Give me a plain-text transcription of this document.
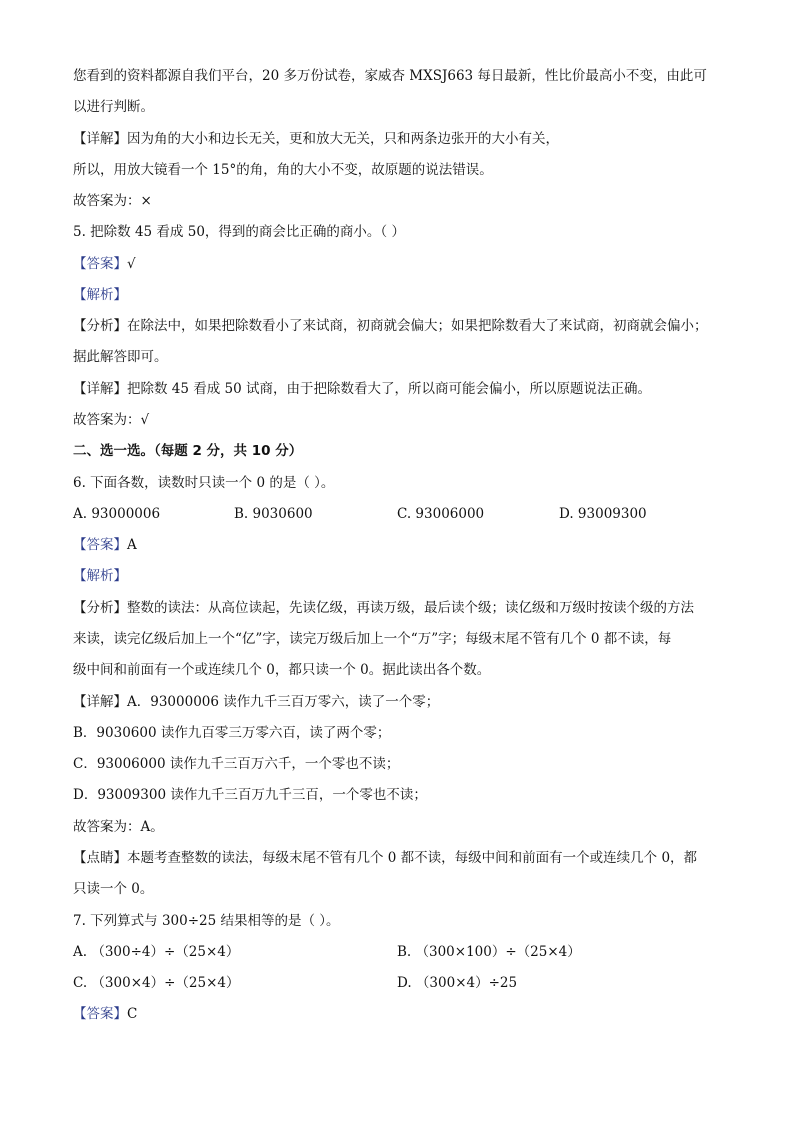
您看到的资料都源自我们平台，20 多万份试卷，家威杏 MXSJ663 每日最新，性比价最高小不变，由此可
以进行判断。
【详解】因为角的大小和边长无关，更和放大无关，只和两条边张开的大小有关，
所以，用放大镜看一个 15°的角，角的大小不变，故原题的说法错误。
故答案为：×
5. 把除数 45 看成 50，得到的商会比正确的商小。（ ）
【答案】√
【解析】
【分析】在除法中，如果把除数看小了来试商，初商就会偏大；如果把除数看大了来试商，初商就会偏小；
据此解答即可。
【详解】把除数 45 看成 50 试商，由于把除数看大了，所以商可能会偏小，所以原题说法正确。
故答案为：√
二、选一选。（每题 2 分，共 10 分）
6. 下面各数，读数时只读一个 0 的是（ ）。
A. 93000006	B. 9030600	C. 93006000	D. 93009300
【答案】A
【解析】
【分析】整数的读法：从高位读起，先读亿级，再读万级，最后读个级；读亿级和万级时按读个级的方法
来读，读完亿级后加上一个“亿”字，读完万级后加上一个“万”字；每级末尾不管有几个 0 都不读，每
级中间和前面有一个或连续几个 0，都只读一个 0。据此读出各个数。
【详解】A．93000006 读作九千三百万零六，读了一个零；
B．9030600 读作九百零三万零六百，读了两个零；
C．93006000 读作九千三百万六千，一个零也不读；
D．93009300 读作九千三百万九千三百，一个零也不读；
故答案为：A。
【点睛】本题考查整数的读法，每级末尾不管有几个 0 都不读，每级中间和前面有一个或连续几个 0，都
只读一个 0。
7. 下列算式与 300÷25 结果相等的是（ ）。
A. （300÷4）÷（25×4）	B. （300×100）÷（25×4）
C. （300×4）÷（25×4）	D. （300×4）÷25
【答案】C
